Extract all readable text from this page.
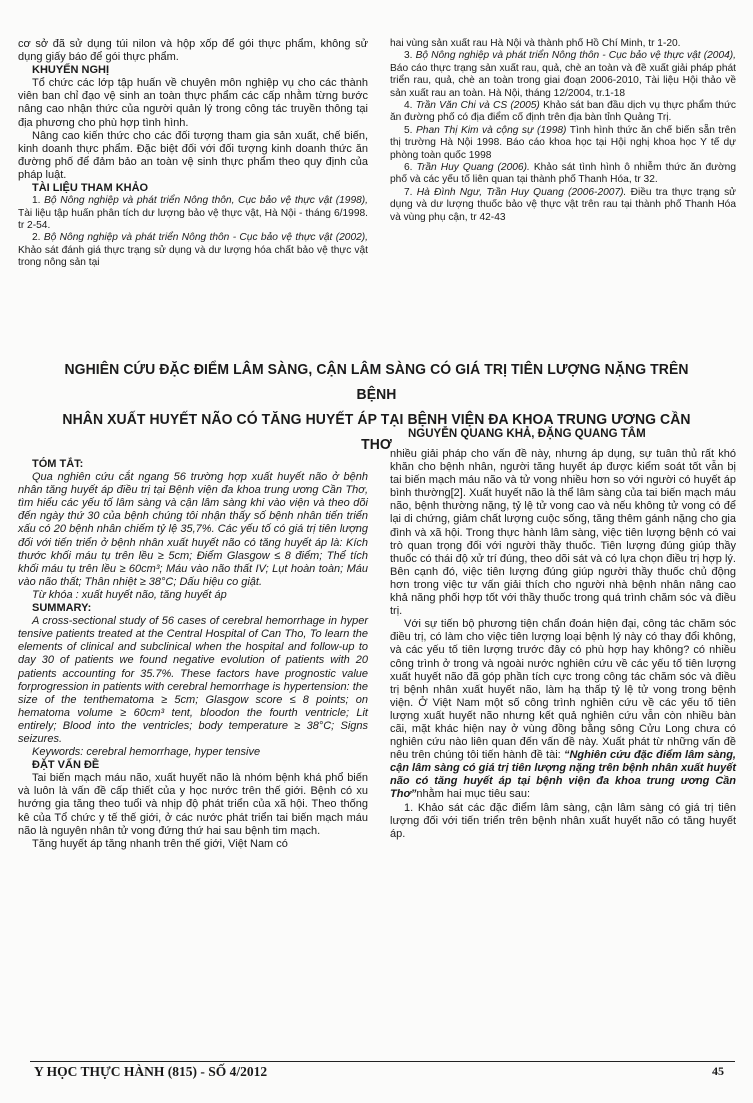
cơ sở đã sử dụng túi nilon và hộp xốp để gói thực phẩm, không sử dụng giấy báo để gói thực phẩm.

KHUYẾN NGHỊ

Tổ chức các lớp tập huấn về chuyên môn nghiệp vụ cho các thành viên ban chỉ đạo vệ sinh an toàn thực phẩm các cấp nhằm từng bước nâng cao nhận thức của người quản lý trong công tác truyền thông tại địa phương cho phù hợp tình hình.

Nâng cao kiến thức cho các đối tượng tham gia sản xuất, chế biến, kinh doanh thực phẩm. Đặc biệt đối với đối tượng kinh doanh thức ăn đường phố để đảm bảo an toàn vệ sinh thực phẩm theo quy định của pháp luật.

TÀI LIỆU THAM KHẢO

1. Bộ Nông nghiệp và phát triển Nông thôn, Cục bảo vệ thực vật (1998), Tài liệu tập huấn phân tích dư lượng bảo vệ thực vật, Hà Nội - tháng 6/1998. tr 2-54.

2. Bộ Nông nghiệp và phát triển Nông thôn - Cục bảo vệ thực vật (2002), Khảo sát đánh giá thực trạng sử dụng và dư lượng hóa chất bảo vệ thực vật trong nông sản tại

hai vùng sản xuất rau Hà Nội và thành phố Hồ Chí Minh, tr 1-20.

3. Bộ Nông nghiệp và phát triển Nông thôn - Cục bảo vệ thực vật (2004), Báo cáo thực trạng sản xuất rau, quả, chè an toàn và đề xuất giải pháp phát triển rau, quả, chè an toàn trong giai đoạn 2006-2010, Tài liệu Hội thảo về sản xuất rau an toàn. Hà Nội, tháng 12/2004, tr.1-18

4. Trần Văn Chi và CS (2005) Khảo sát ban đầu dịch vụ thực phẩm thức ăn đường phố có địa điểm cố định trên địa bàn tỉnh Quảng Trị.

5. Phan Thị Kim và cộng sự (1998) Tình hình thức ăn chế biến sẵn trên thị trường Hà Nội 1998. Báo cáo khoa học tại Hội nghị khoa học Y tế dự phòng toàn quốc 1998

6. Trần Huy Quang (2006). Khảo sát tình hình ô nhiễm thức ăn đường phố và các yếu tố liên quan tại thành phố Thanh Hóa, tr 32.

7. Hà Đình Ngư, Trần Huy Quang (2006-2007). Điều tra thực trạng sử dụng và dư lượng thuốc bảo vệ thực vật trên rau tại thành phố Thanh Hóa và vùng phụ cận, tr 42-43

NGHIÊN CỨU ĐẶC ĐIỂM LÂM SÀNG, CẬN LÂM SÀNG CÓ GIÁ TRỊ TIÊN LƯỢNG NẶNG TRÊN BỆNH
NHÂN XUẤT HUYẾT NÃO CÓ TĂNG HUYẾT ÁP TẠI BỆNH VIỆN ĐA KHOA TRUNG ƯƠNG CẦN THƠ
NGUYỄN QUANG KHẢ, ĐẶNG QUANG TÂM

TÓM TẮT:

Qua nghiên cứu cắt ngang 56 trường hợp xuất huyết não ở bệnh nhân tăng huyết áp điều trị tại Bệnh viện đa khoa trung ương Cần Thơ, tìm hiểu các yếu tố lâm sàng và cận lâm sàng khi vào viện và theo dõi đến ngày thứ 30 của bệnh chúng tôi nhận thấy số bệnh nhân tiến triển xấu có 20 bệnh nhân chiếm tỷ lệ 35,7%. Các yếu tố có giá trị tiên lượng đối với tiến triển ở bệnh nhân xuất huyết não có tăng huyết áp là: Kích thước khối máu tụ trên lều ≥ 5cm; Điểm Glasgow ≤ 8 điểm; Thể tích khối máu tụ trên lều ≥ 60cm³; Máu vào não thất IV; Lụt hoàn toàn; Máu vào não thất; Thân nhiệt ≥ 38°C; Dấu hiệu co giật.

Từ khóa : xuất huyết não, tăng huyết áp

SUMMARY:

A cross-sectional study of 56 cases of cerebral hemorrhage in hyper tensive patients treated at the Central Hospital of Can Tho, To learn the elements of clinical and subclinical when the hospital and follow-up to day 30 of patients we found negative evolution of patients with 20 patients accounting for 35.7%. These factors have prognostic value forprogression in patients with cerebral hemorrhage is hypertension: the size of the tenthematoma ≥ 5cm; Glasgow score ≤ 8 points; on hematoma volume ≥ 60cm³ tent, bloodon the fourth ventricle; Lit entirely; Blood into the ventricles; body temperature ≥ 38°C; Signs seizures.

Keywords: cerebral hemorrhage, hyper tensive

ĐẶT VẤN ĐỀ

Tai biến mạch máu não, xuất huyết não là nhóm bệnh khá phổ biến và luôn là vấn đề cấp thiết của y học nước trên thế giới. Bệnh có xu hướng gia tăng theo tuổi và nhịp độ phát triển của xã hội. Theo thống kê của Tổ chức y tế thế giới, ở các nước phát triển tai biến mạch máu não là nguyên nhân tử vong đứng thứ hai sau bệnh tim mạch.

Tăng huyết áp tăng nhanh trên thế giới, Việt Nam có

nhiều giải pháp cho vấn đề này, nhưng áp dụng, sự tuân thủ rất khó khăn cho bệnh nhân, người tăng huyết áp được kiểm soát tốt vẫn bị tai biến mạch máu não và tử vong nhiều hơn so với người có huyết áp bình thường[2]. Xuất huyết não là thể lâm sàng của tai biến mạch máu não, bệnh thường nặng, tỷ lệ tử vong cao và nếu không tử vong có để lại di chứng, giảm chất lượng cuộc sống, tăng thêm gánh nặng cho gia đình và xã hội. Trong thực hành lâm sàng, việc tiên lượng bệnh có vai trò quan trọng đối với người thầy thuốc. Tiên lượng đúng giúp thầy thuốc có thái độ xử trí đúng, theo dõi sát và có lựa chọn điều trị hợp lý. Bên cạnh đó, việc tiên lượng đúng giúp người thầy thuốc chủ động hơn trong việc tư vấn giải thích cho người nhà bệnh nhân nâng cao khả năng phối hợp tốt với thầy thuốc trong quá trình chăm sóc và điều trị.

Với sự tiến bộ phương tiện chẩn đoán hiện đại, công tác chăm sóc điều trị, có làm cho việc tiên lượng loại bệnh lý này có thay đổi không, và các yếu tố tiên lượng trước đây có phù hợp hay không? có nhiều công trình ở trong và ngoài nước nghiên cứu về các yếu tố tiên lượng xuất huyết não đã góp phần tích cực trong công tác chăm sóc và điều trị bệnh nhân xuất huyết não, làm hạ thấp tỷ lệ tử vong trong bệnh viện. Ở Việt Nam một số công trình nghiên cứu về các yếu tố tiên lượng xuất huyết não nhưng kết quả nghiên cứu vẫn còn nhiều bàn cãi, mặt khác hiện nay ở vùng đồng bằng sông Cửu Long chưa có nghiên cứu nào liên quan đến vấn đề này. Xuất phát từ những vấn đề nêu trên chúng tôi tiến hành đề tài: “Nghiên cứu đặc điểm lâm sàng, cận lâm sàng có giá trị tiên lượng nặng trên bệnh nhân xuất huyết não có tăng huyết áp tại bệnh viện đa khoa trung ương Cần Thơ”nhằm hai mục tiêu sau:

1. Khảo sát các đặc điểm lâm sàng, cận lâm sàng có giá trị tiên lượng đối với tiến triển trên bệnh nhân xuất huyết não có tăng huyết áp.

Y HỌC THỰC HÀNH (815) - SỐ 4/2012	45
